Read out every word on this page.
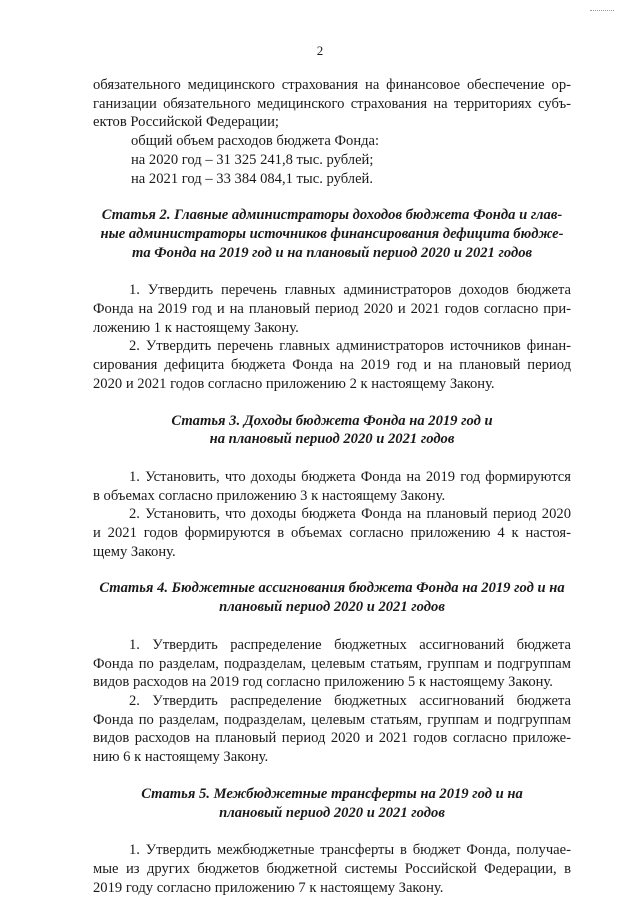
2
обязательного медицинского страхования на финансовое обеспечение ор-
ганизации обязательного медицинского страхования на территориях субъ-
ектов Российской Федерации;
общий объем расходов бюджета Фонда:
на 2020 год – 31 325 241,8 тыс. рублей;
на 2021 год – 33 384 084,1 тыс. рублей.
Статья 2. Главные администраторы доходов бюджета Фонда и глав-
ные администраторы источников финансирования дефицита бюдже-
та Фонда на 2019 год и на плановый период 2020 и 2021 годов
1. Утвердить перечень главных администраторов доходов бюджета
Фонда на 2019 год и на плановый период 2020 и 2021 годов согласно при-
ложению 1 к настоящему Закону.
2. Утвердить перечень главных администраторов источников финан-
сирования дефицита бюджета Фонда на 2019 год и на плановый период
2020 и 2021 годов согласно приложению 2 к настоящему Закону.
Статья 3. Доходы бюджета Фонда на 2019 год и
на плановый период 2020 и 2021 годов
1. Установить, что доходы бюджета Фонда на 2019 год формируются
в объемах согласно приложению 3 к настоящему Закону.
2. Установить, что доходы бюджета Фонда на плановый период 2020
и 2021 годов формируются в объемах согласно приложению 4 к настоя-
щему Закону.
Статья 4. Бюджетные ассигнования бюджета Фонда на 2019 год и на
плановый период 2020 и 2021 годов
1. Утвердить распределение бюджетных ассигнований бюджета
Фонда по разделам, подразделам, целевым статьям, группам и подгруппам
видов расходов на 2019 год согласно приложению 5 к настоящему Закону.
2. Утвердить распределение бюджетных ассигнований бюджета
Фонда по разделам, подразделам, целевым статьям, группам и подгруппам
видов расходов на плановый период 2020 и 2021 годов согласно приложе-
нию 6 к настоящему Закону.
Статья 5. Межбюджетные трансферты на 2019 год и на
плановый период 2020 и 2021 годов
1. Утвердить межбюджетные трансферты в бюджет Фонда, получае-
мые из других бюджетов бюджетной системы Российской Федерации, в
2019 году согласно приложению 7 к настоящему Закону.
